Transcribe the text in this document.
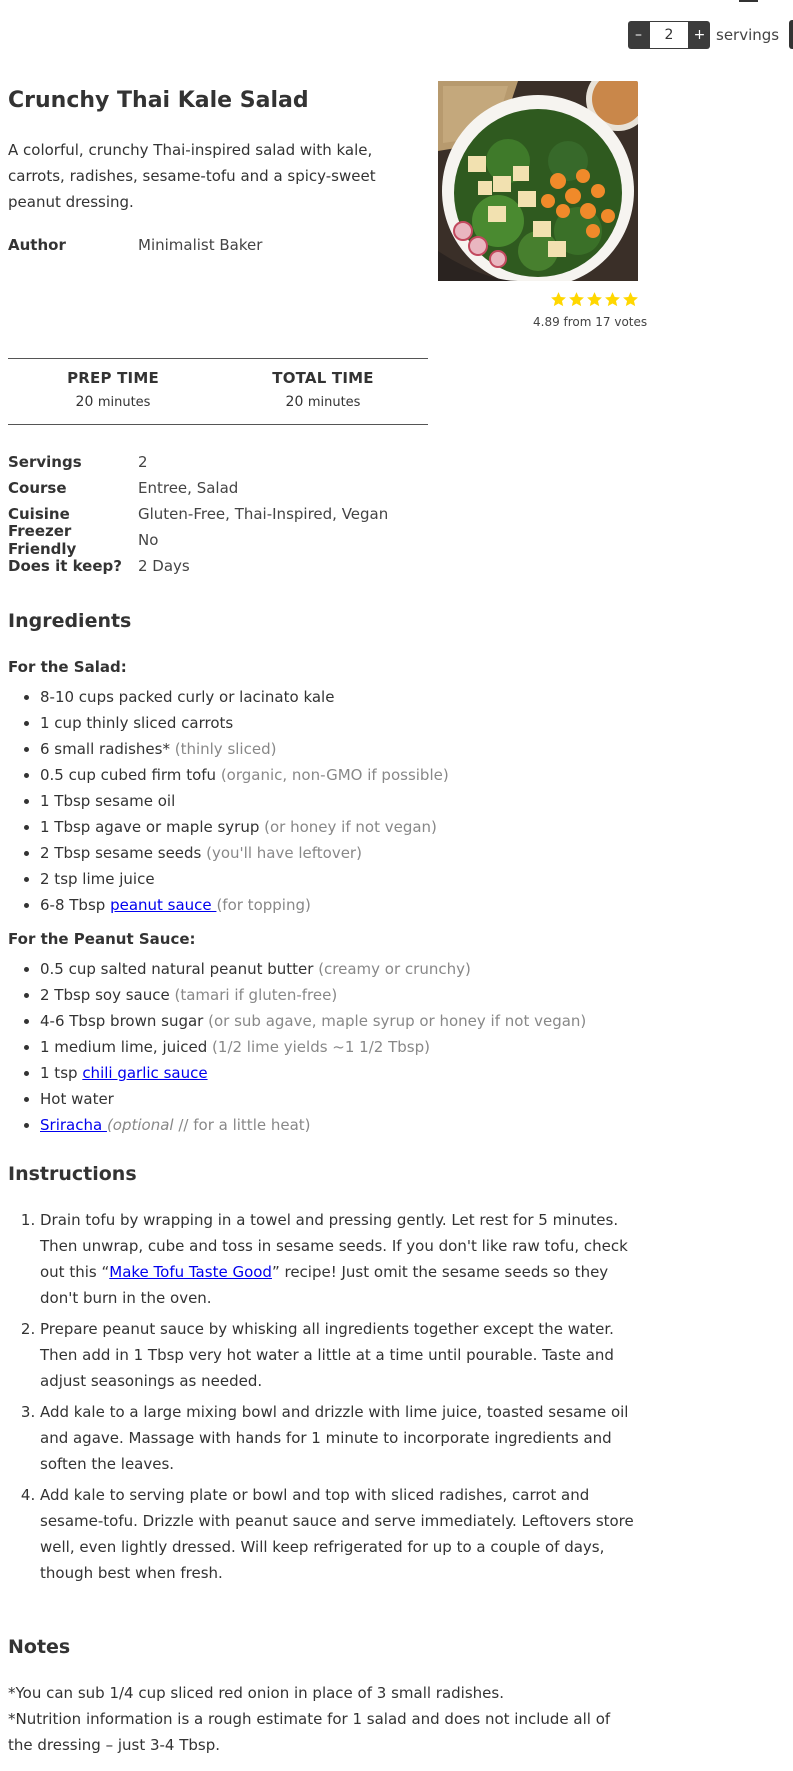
–
2	+ servings
Crunchy Thai Kale Salad
A colorful, crunchy Thai-inspired salad with kale, carrots, radishes, sesame-tofu and a spicy-sweet peanut dressing.
Author	Minimalist Baker
4.89 from 17 votes
PREP TIME
20 minutes
TOTAL TIME
20 minutes
Servings	2
Course	Entree, Salad
Cuisine	Gluten-Free, Thai-Inspired, Vegan
Freezer Friendly	No
Does it keep?	2 Days
Ingredients
For the Salad:
• 8-10 cups packed curly or lacinato kale
• 1 cup thinly sliced carrots
• 6 small radishes* (thinly sliced)
• 0.5 cup cubed firm tofu (organic, non-GMO if possible)
• 1 Tbsp sesame oil
• 1 Tbsp agave or maple syrup (or honey if not vegan)
• 2 Tbsp sesame seeds (you'll have leftover)
• 2 tsp lime juice
• 6-8 Tbsp peanut sauce (for topping)
For the Peanut Sauce:
• 0.5 cup salted natural peanut butter (creamy or crunchy)
• 2 Tbsp soy sauce (tamari if gluten-free)
• 4-6 Tbsp brown sugar (or sub agave, maple syrup or honey if not vegan)
• 1 medium lime, juiced (1/2 lime yields ~1 1/2 Tbsp)
• 1 tsp chili garlic sauce
• Hot water
• Sriracha (optional // for a little heat)
Instructions
1. Drain tofu by wrapping in a towel and pressing gently. Let rest for 5 minutes. Then unwrap, cube and toss in sesame seeds. If you don't like raw tofu, check out this “Make Tofu Taste Good” recipe! Just omit the sesame seeds so they don't burn in the oven.
2. Prepare peanut sauce by whisking all ingredients together except the water. Then add in 1 Tbsp very hot water a little at a time until pourable. Taste and adjust seasonings as needed.
3. Add kale to a large mixing bowl and drizzle with lime juice, toasted sesame oil and agave. Massage with hands for 1 minute to incorporate ingredients and soften the leaves.
4. Add kale to serving plate or bowl and top with sliced radishes, carrot and sesame-tofu. Drizzle with peanut sauce and serve immediately. Leftovers store well, even lightly dressed. Will keep refrigerated for up to a couple of days, though best when fresh.
Notes
*You can sub 1/4 cup sliced red onion in place of 3 small radishes.
*Nutrition information is a rough estimate for 1 salad and does not include all of the dressing – just 3-4 Tbsp.
